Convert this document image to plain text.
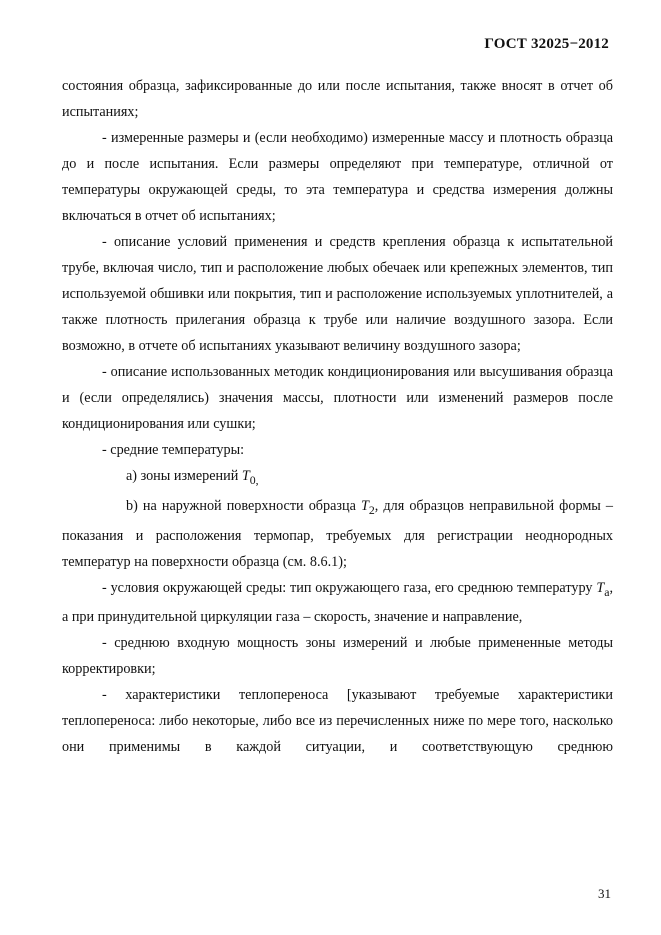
ГОСТ 32025−2012

состояния образца, зафиксированные до или после испытания, также вносят в отчет об испытаниях;

- измеренные размеры и (если необходимо) измеренные массу и плотность образца до и после испытания. Если размеры определяют при температуре, отличной от температуры окружающей среды, то эта температура и средства измерения должны включаться в отчет об испытаниях;

- описание условий применения и средств крепления образца к испытательной трубе, включая число, тип и расположение любых обечаек или крепежных элементов, тип используемой обшивки или покрытия, тип и расположение используемых уплотнителей, а также плотность прилегания образца к трубе или наличие воздушного зазора. Если возможно, в отчете об испытаниях указывают величину воздушного зазора;

- описание использованных методик кондиционирования или высушивания образца и (если определялись) значения массы, плотности или изменений размеров после кондиционирования или сушки;

- средние температуры:

а) зоны измерений $T_{0,}$

b) на наружной поверхности образца $T_2$, для образцов неправильной формы – показания и расположения термопар, требуемых для регистрации неоднородных температур на поверхности образца (см. 8.6.1);

- условия окружающей среды: тип окружающего газа, его среднюю температуру $T_a$, а при принудительной циркуляции газа – скорость, значение и направление,

- среднюю входную мощность зоны измерений и любые примененные методы корректировки;

- характеристики теплопереноса [указывают требуемые характеристики теплопереноса: либо некоторые, либо все из перечисленных ниже по мере того, насколько они применимы в каждой ситуации, и соответствующую среднюю

31
